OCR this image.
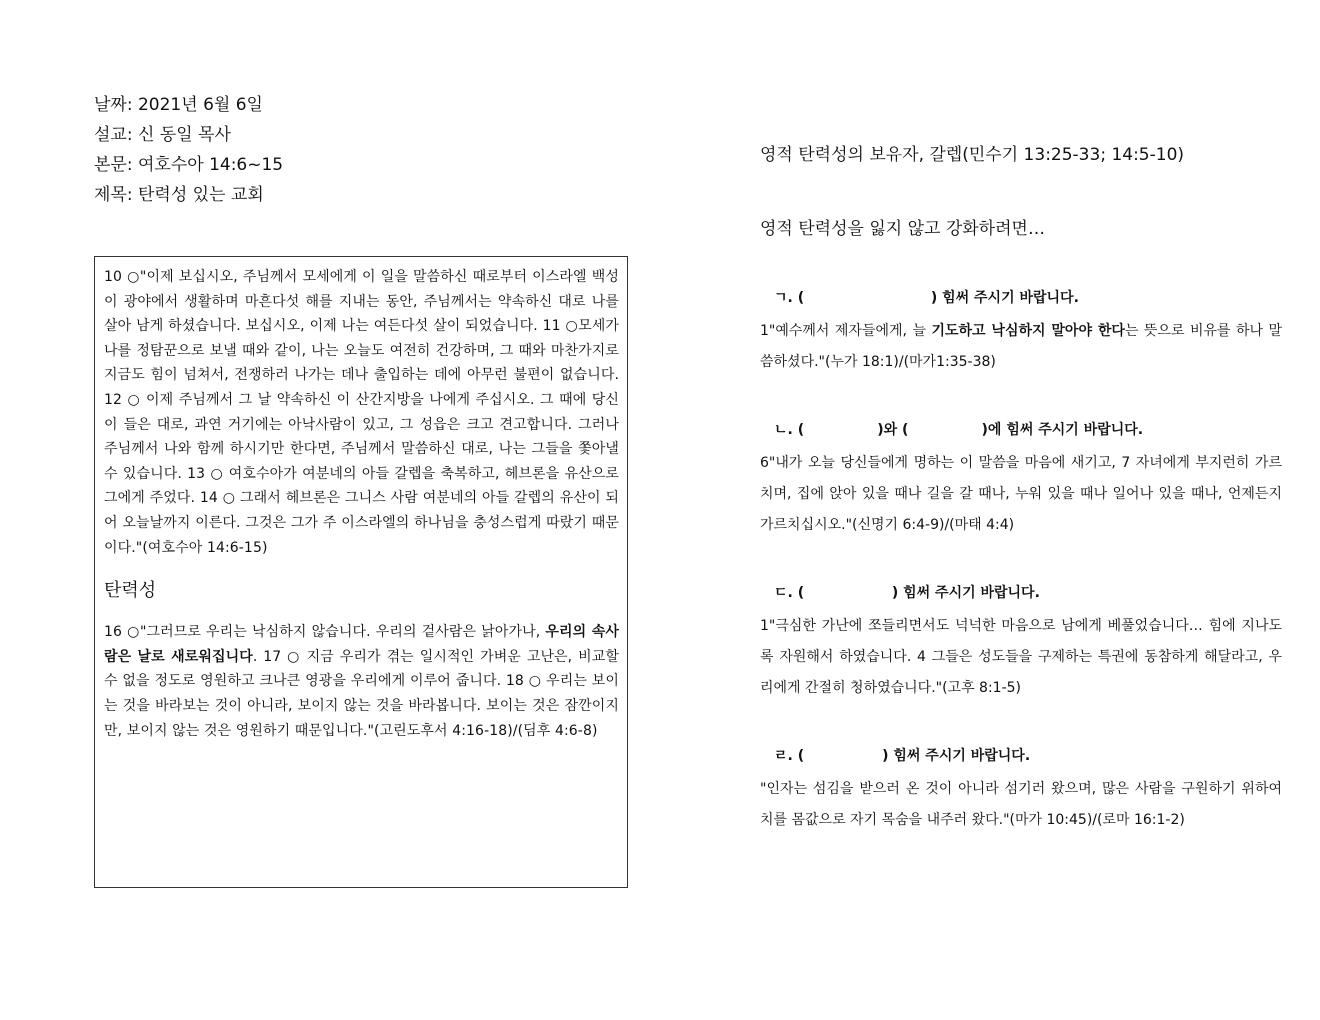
날짜: 2021년 6월 6일
설교: 신 동일 목사
본문: 여호수아 14:6~15
제목: 탄력성 있는 교회

10 ○"이제 보십시오, 주님께서 모세에게 이 일을 말씀하신 때로부터 이스라엘 백성이 광야에서 생활하며 마흔다섯 해를 지내는 동안, 주님께서는 약속하신 대로 나를 살아 남게 하셨습니다. 보십시오, 이제 나는 여든다섯 살이 되었습니다. 11 ○모세가 나를 정탐꾼으로 보낼 때와 같이, 나는 오늘도 여전히 건강하며, 그 때와 마찬가지로 지금도 힘이 넘쳐서, 전쟁하러 나가는 데나 출입하는 데에 아무런 불편이 없습니다. 12 ○ 이제 주님께서 그 날 약속하신 이 산간지방을 나에게 주십시오. 그 때에 당신이 들은 대로, 과연 거기에는 아낙사람이 있고, 그 성읍은 크고 견고합니다. 그러나 주님께서 나와 함께 하시기만 한다면, 주님께서 말씀하신 대로, 나는 그들을 쫓아낼 수 있습니다. 13 ○ 여호수아가 여분네의 아들 갈렙을 축복하고, 헤브론을 유산으로 그에게 주었다. 14 ○ 그래서 헤브론은 그니스 사람 여분네의 아들 갈렙의 유산이 되어 오늘날까지 이른다. 그것은 그가 주 이스라엘의 하나님을 충성스럽게 따랐기 때문이다."(여호수아 14:6-15)

탄력성

16 ○"그러므로 우리는 낙심하지 않습니다. 우리의 겉사람은 낡아가나, 우리의 속사람은 날로 새로워집니다. 17 ○ 지금 우리가 겪는 일시적인 가벼운 고난은, 비교할 수 없을 정도로 영원하고 크나큰 영광을 우리에게 이루어 줍니다. 18 ○ 우리는 보이는 것을 바라보는 것이 아니라, 보이지 않는 것을 바라봅니다. 보이는 것은 잠깐이지만, 보이지 않는 것은 영원하기 때문입니다."(고린도후서 4:16-18)/(딤후 4:6-8)

영적 탄력성의 보유자, 갈렙(민수기 13:25-33; 14:5-10)
영적 탄력성을 잃지 않고 강화하려면…
ㄱ. (                          ) 힘써 주시기 바랍니다.
1"예수께서 제자들에게, 늘 기도하고 낙심하지 말아야 한다는 뜻으로 비유를 하나 말씀하셨다."(누가 18:1)/(마가1:35-38)
ㄴ. (               )와 (               )에 힘써 주시기 바랍니다.
6"내가 오늘 당신들에게 명하는 이 말씀을 마음에 새기고, 7 자녀에게 부지런히 가르치며, 집에 앉아 있을 때나 길을 갈 때나, 누워 있을 때나 일어나 있을 때나, 언제든지 가르치십시오."(신명기 6:4-9)/(마태 4:4)
ㄷ. (                  ) 힘써 주시기 바랍니다.
1"극심한 가난에 쪼들리면서도 넉넉한 마음으로 남에게 베풀었습니다… 힘에 지나도록 자원해서 하였습니다. 4 그들은 성도들을 구제하는 특권에 동참하게 해달라고, 우리에게 간절히 청하였습니다."(고후 8:1-5)
ㄹ. (                ) 힘써 주시기 바랍니다.
"인자는 섬김을 받으러 온 것이 아니라 섬기러 왔으며, 많은 사람을 구원하기 위하여 치를 몸값으로 자기 목숨을 내주러 왔다."(마가 10:45)/(로마 16:1-2)
